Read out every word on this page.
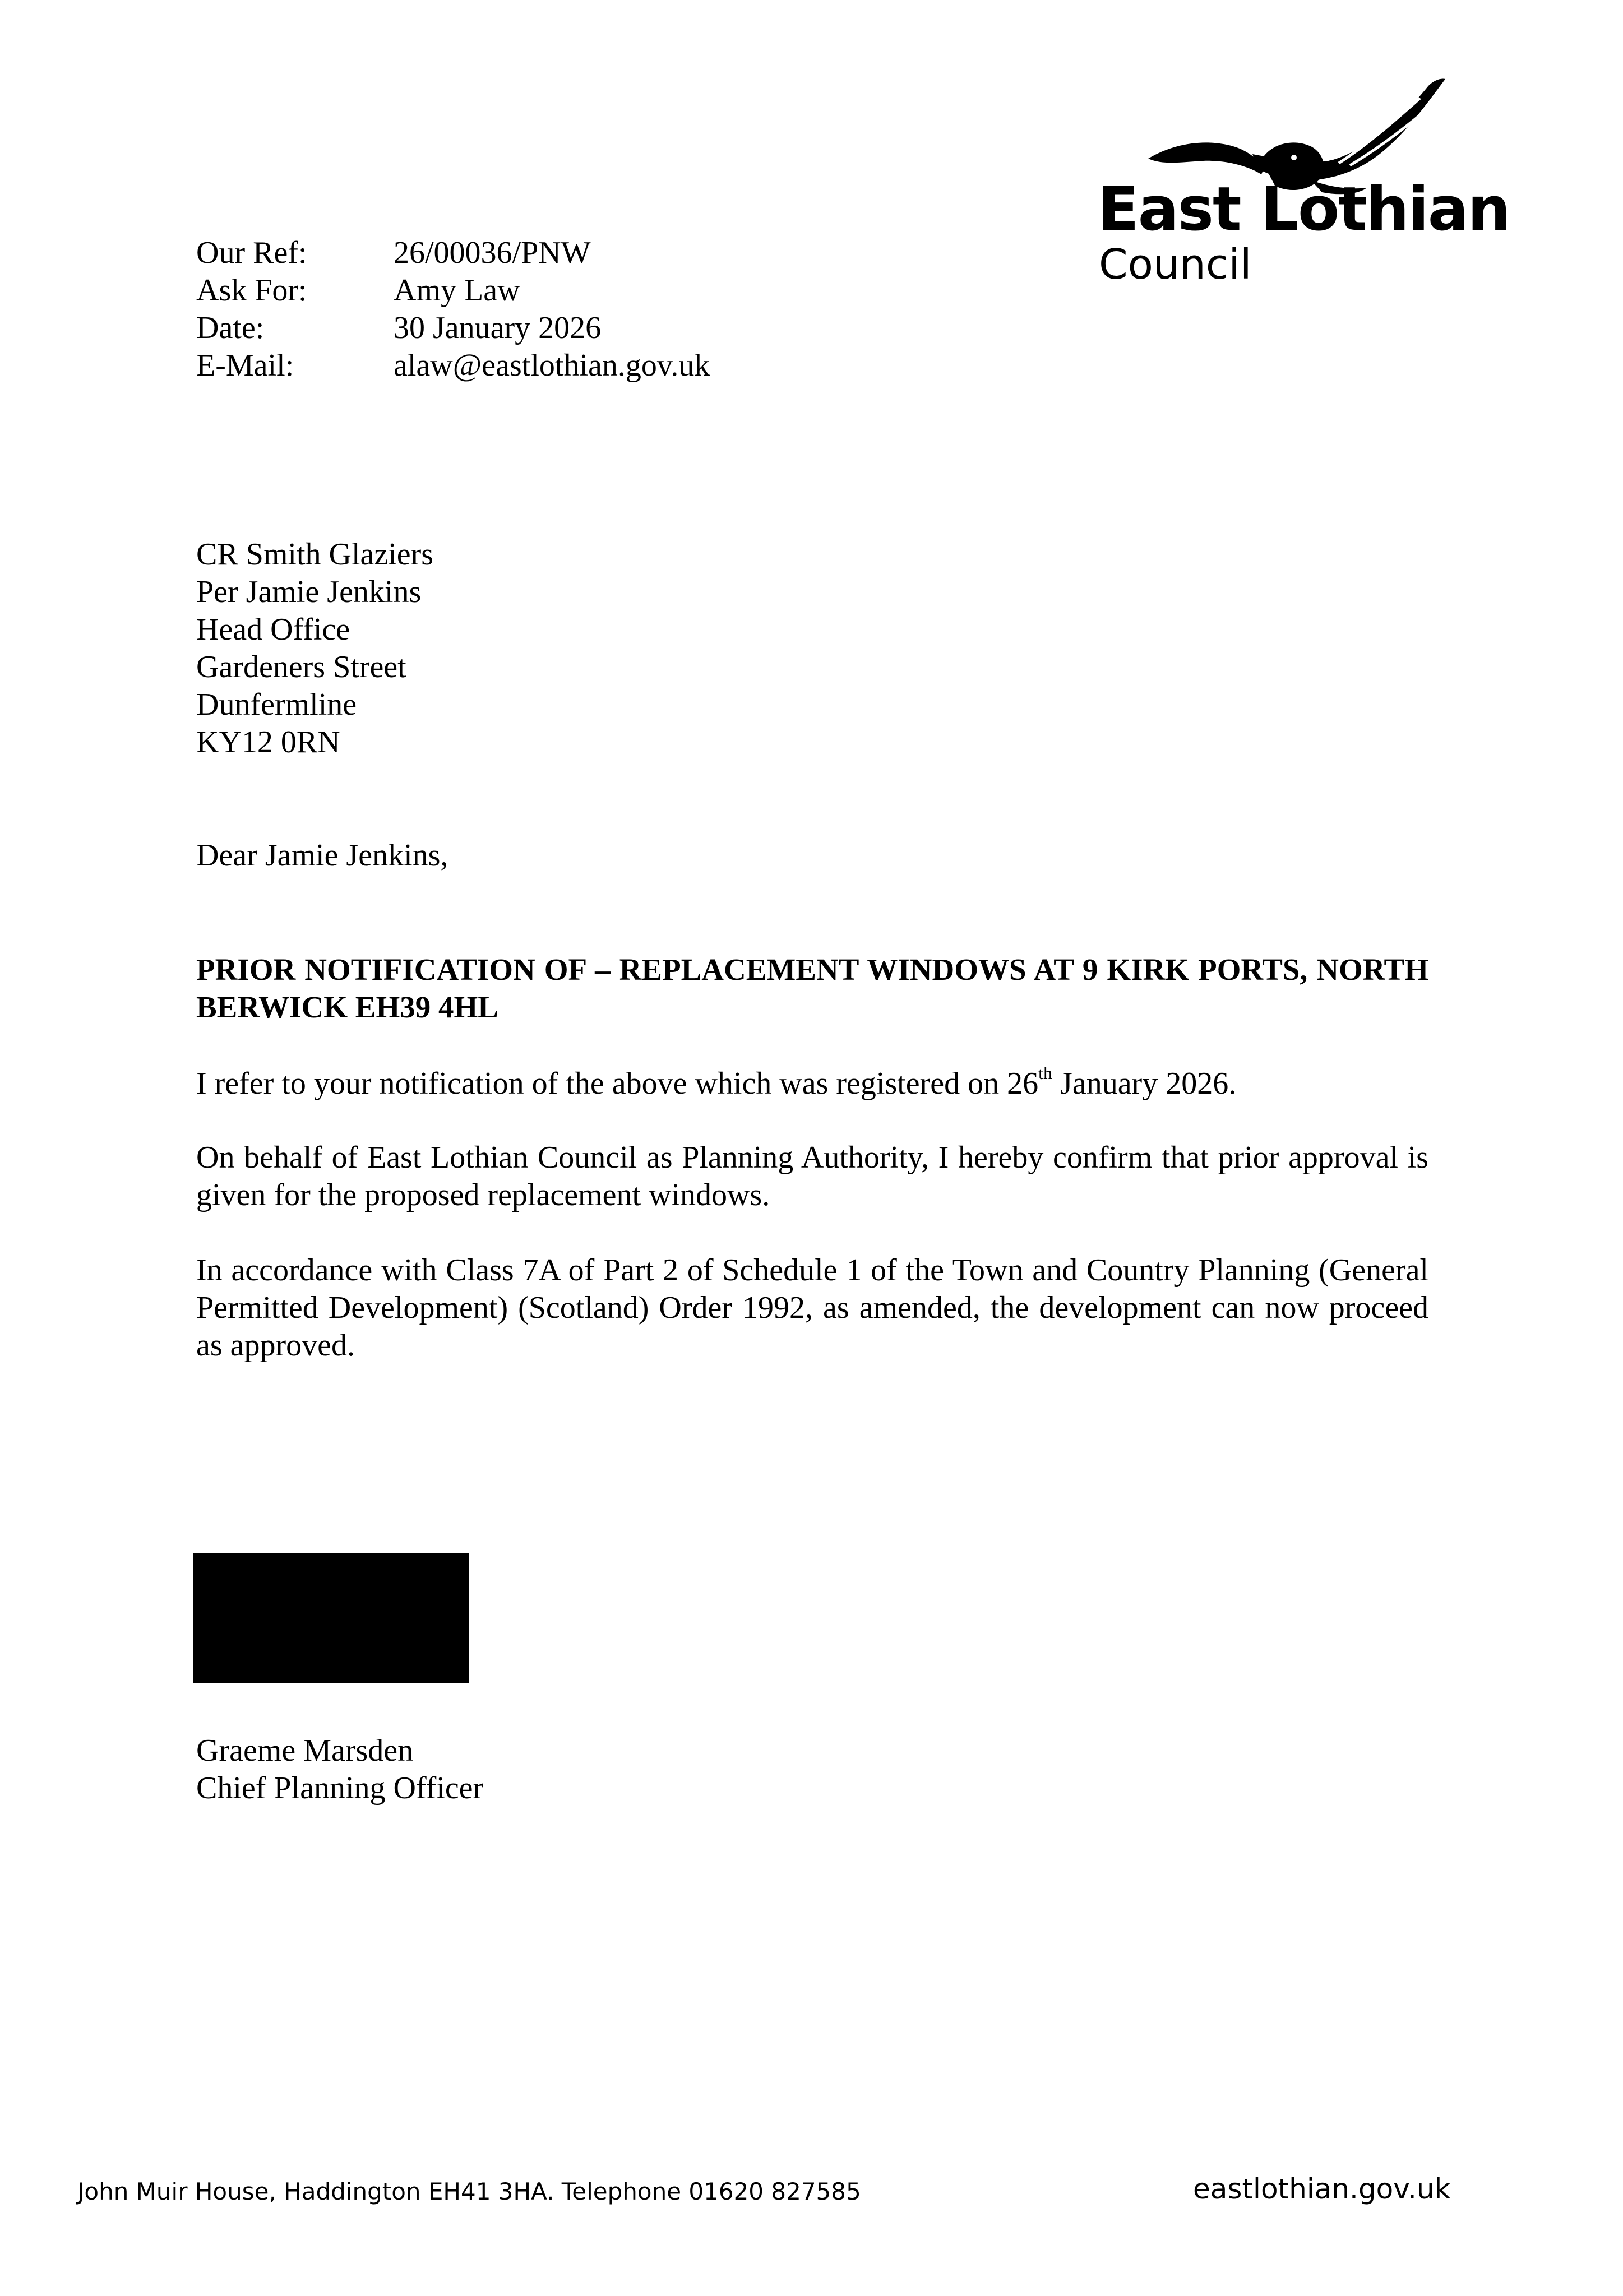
East Lothian
Council
Our Ref:	26/00036/PNW
Ask For:	Amy Law
Date:	30 January 2026
E-Mail:	alaw@eastlothian.gov.uk
CR Smith Glaziers
Per Jamie Jenkins
Head Office
Gardeners Street
Dunfermline
KY12 0RN
Dear Jamie Jenkins,
PRIOR NOTIFICATION OF – REPLACEMENT WINDOWS AT 9 KIRK PORTS, NORTH BERWICK EH39 4HL
I refer to your notification of the above which was registered on 26th January 2026.
On behalf of East Lothian Council as Planning Authority, I hereby confirm that prior approval is given for the proposed replacement windows.
In accordance with Class 7A of Part 2 of Schedule 1 of the Town and Country Planning (General Permitted Development) (Scotland) Order 1992, as amended, the development can now proceed as approved.
Graeme Marsden
Chief Planning Officer
John Muir House, Haddington EH41 3HA. Telephone 01620 827585	eastlothian.gov.uk
